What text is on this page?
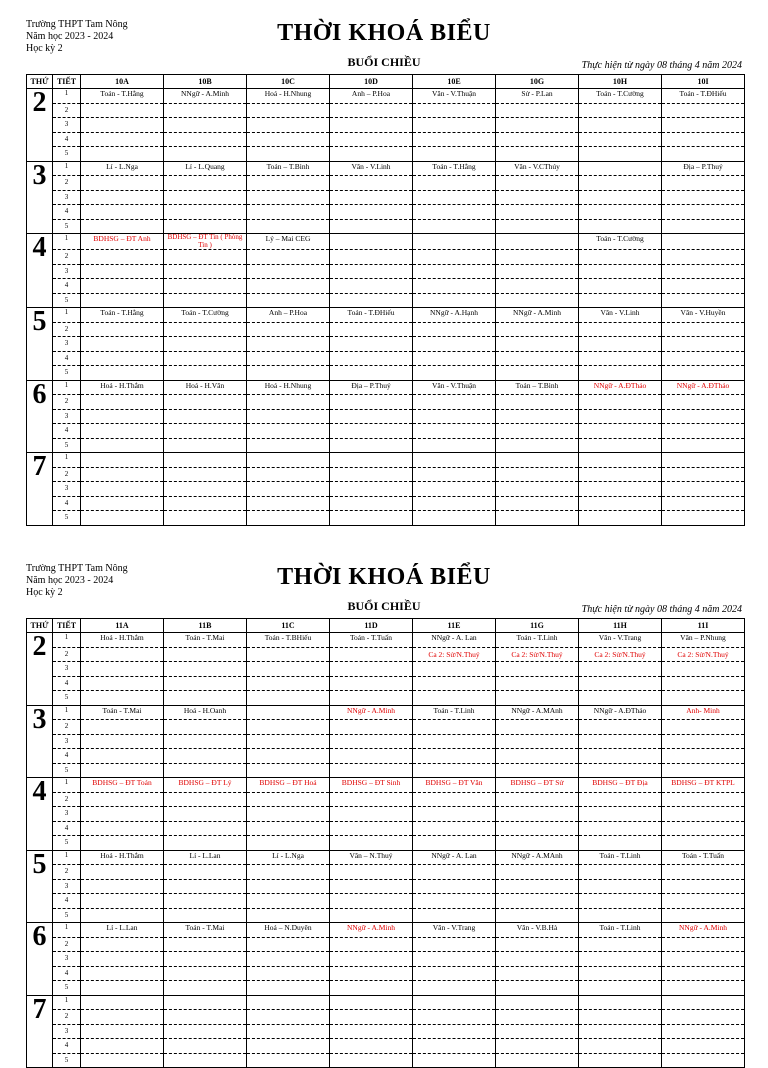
Trường THPT Tam Nông
Năm học 2023 - 2024
Học kỳ 2
THỜI KHOÁ BIỂU
BUỔI CHIỀU	Thực hiện từ ngày 08 tháng 4 năm 2024
THỨ	TIẾT	10A	10B	10C	10D	10E	10G	10H	10I
2	1	Toán - T.Hằng	NNgữ - A.Minh	Hoá - H.Nhung	Anh – P.Hoa	Văn - V.Thuận	Sử - P.Lan	Toán - T.Cường	Toán - T.ĐHiếu
	2								
	3								
	4								
	5								
3	1	Lí - L.Nga	Lí - L.Quang	Toán – T.Bình	Văn - V.Linh	Toán - T.Hằng	Văn - V.CThúy		Địa – P.Thuý
	2								
	3								
	4								
	5								
4	1	BDHSG – ĐT Anh	BDHSG – ĐT Tin ( Phòng Tin )	Lý – Mai CEG				Toán - T.Cường	
	2								
	3								
	4								
	5								
5	1	Toán - T.Hằng	Toán - T.Cường	Anh – P.Hoa	Toán - T.ĐHiếu	NNgữ - A.Hạnh	NNgữ - A.Minh	Văn - V.Linh	Văn - V.Huyền
	2								
	3								
	4								
	5								
6	1	Hoá - H.Thắm	Hoá - H.Vân	Hoá - H.Nhung	Địa – P.Thuý	Văn - V.Thuận	Toán – T.Bình	NNgữ - A.ĐThảo	NNgữ - A.ĐThảo
	2								
	3								
	4								
	5								
7	1								
	2								
	3								
	4								
	5								
Trường THPT Tam Nông
Năm học 2023 - 2024
Học kỳ 2
THỜI KHOÁ BIỂU
BUỔI CHIỀU	Thực hiện từ ngày 08 tháng 4 năm 2024
THỨ	TIẾT	11A	11B	11C	11D	11E	11G	11H	11I
2	1	Hoá - H.Thắm	Toán - T.Mai	Toán - T.BHiếu	Toán - T.Tuấn	NNgữ - A. Lan	Toán - T.Linh	Văn - V.Trang	Văn – P.Nhung
	2					Ca 2: Sử/N.Thuý	Ca 2: Sử/N.Thuý	Ca 2: Sử/N.Thuý	Ca 2: Sử/N.Thuý
	3								
	4								
	5								
3	1	Toán - T.Mai	Hoá - H.Oanh		NNgữ - A.Minh	Toán - T.Linh	NNgữ - A.MAnh	NNgữ - A.ĐThảo	Anh- Minh
	2								
	3								
	4								
	5								
4	1	BDHSG – ĐT Toán	BDHSG – ĐT Lý	BDHSG – ĐT Hoá	BDHSG – ĐT Sinh	BDHSG – ĐT Văn	BDHSG – ĐT Sử	BDHSG – ĐT Địa	BDHSG – ĐT KTPL
	2								
	3								
	4								
	5								
5	1	Hoá - H.Thắm	Lí - L.Lan	Lí - L.Nga	Văn – N.Thuý	NNgữ - A. Lan	NNgữ - A.MAnh	Toán - T.Linh	Toán - T.Tuấn
	2								
	3								
	4								
	5								
6	1	Lí - L.Lan	Toán - T.Mai	Hoá – N.Duyên	NNgữ - A.Minh	Văn - V.Trang	Văn - V.B.Hà	Toán - T.Linh	NNgữ - A.Minh
	2								
	3								
	4								
	5								
7	1								
	2								
	3								
	4								
	5								
